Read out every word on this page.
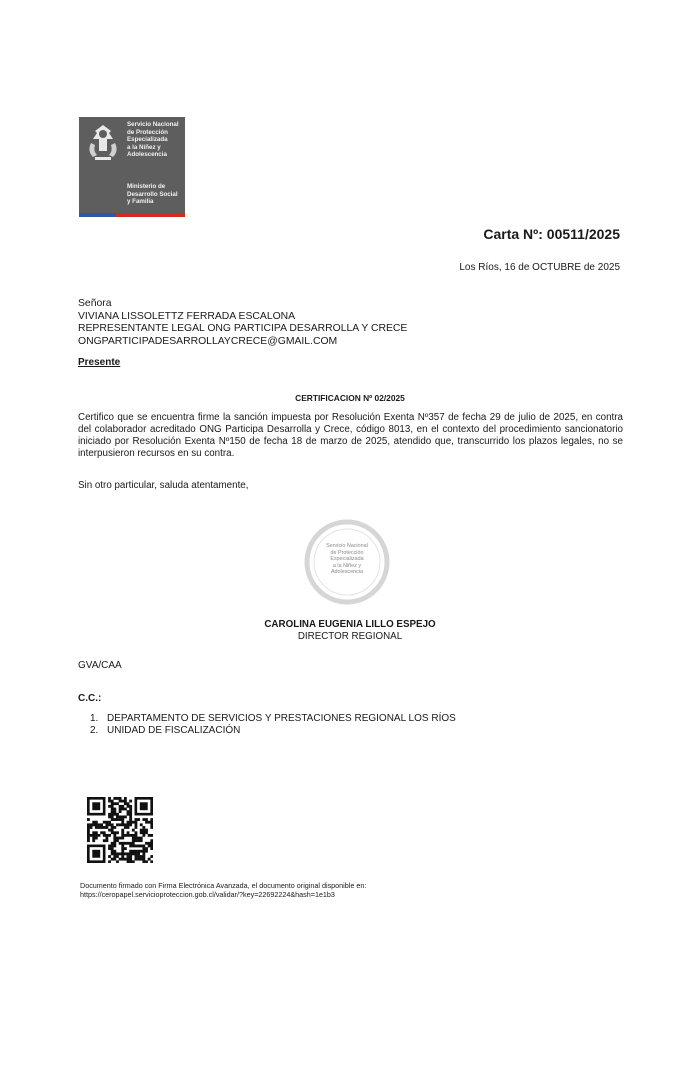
Servicio Nacional
de Protección
Especializada
a la Niñez y
Adolescencia
Ministerio de
Desarrollo Social
y Familia
Carta Nº: 00511/2025
Los Ríos, 16 de OCTUBRE de 2025
Señora
VIVIANA LISSOLETTZ FERRADA ESCALONA
REPRESENTANTE LEGAL ONG PARTICIPA DESARROLLA Y CRECE
ONGPARTICIPADESARROLLAYCRECE@GMAIL.COM
Presente
CERTIFICACION Nº 02/2025
Certifico que se encuentra firme la sanción impuesta por Resolución Exenta Nº357 de fecha 29 de julio de 2025, en contra del colaborador acreditado ONG Participa Desarrolla y Crece, código 8013, en el contexto del procedimiento sancionatorio iniciado por Resolución Exenta Nº150 de fecha 18 de marzo de 2025, atendido que, transcurrido los plazos legales, no se interpusieron recursos en su contra.
Sin otro particular, saluda atentamente,
Servicio Nacional
de Protección
Especializada
a la Niñez y
Adolescencia
CAROLINA EUGENIA LILLO ESPEJO
DIRECTOR REGIONAL
GVA/CAA
C.C.:
1. DEPARTAMENTO DE SERVICIOS Y PRESTACIONES REGIONAL LOS RÍOS
2. UNIDAD DE FISCALIZACIÓN
Documento firmado con Firma Electrónica Avanzada, el documento original disponible en:
https://ceropapel.servicioproteccion.gob.cl/validar/?key=22692224&hash=1e1b3
